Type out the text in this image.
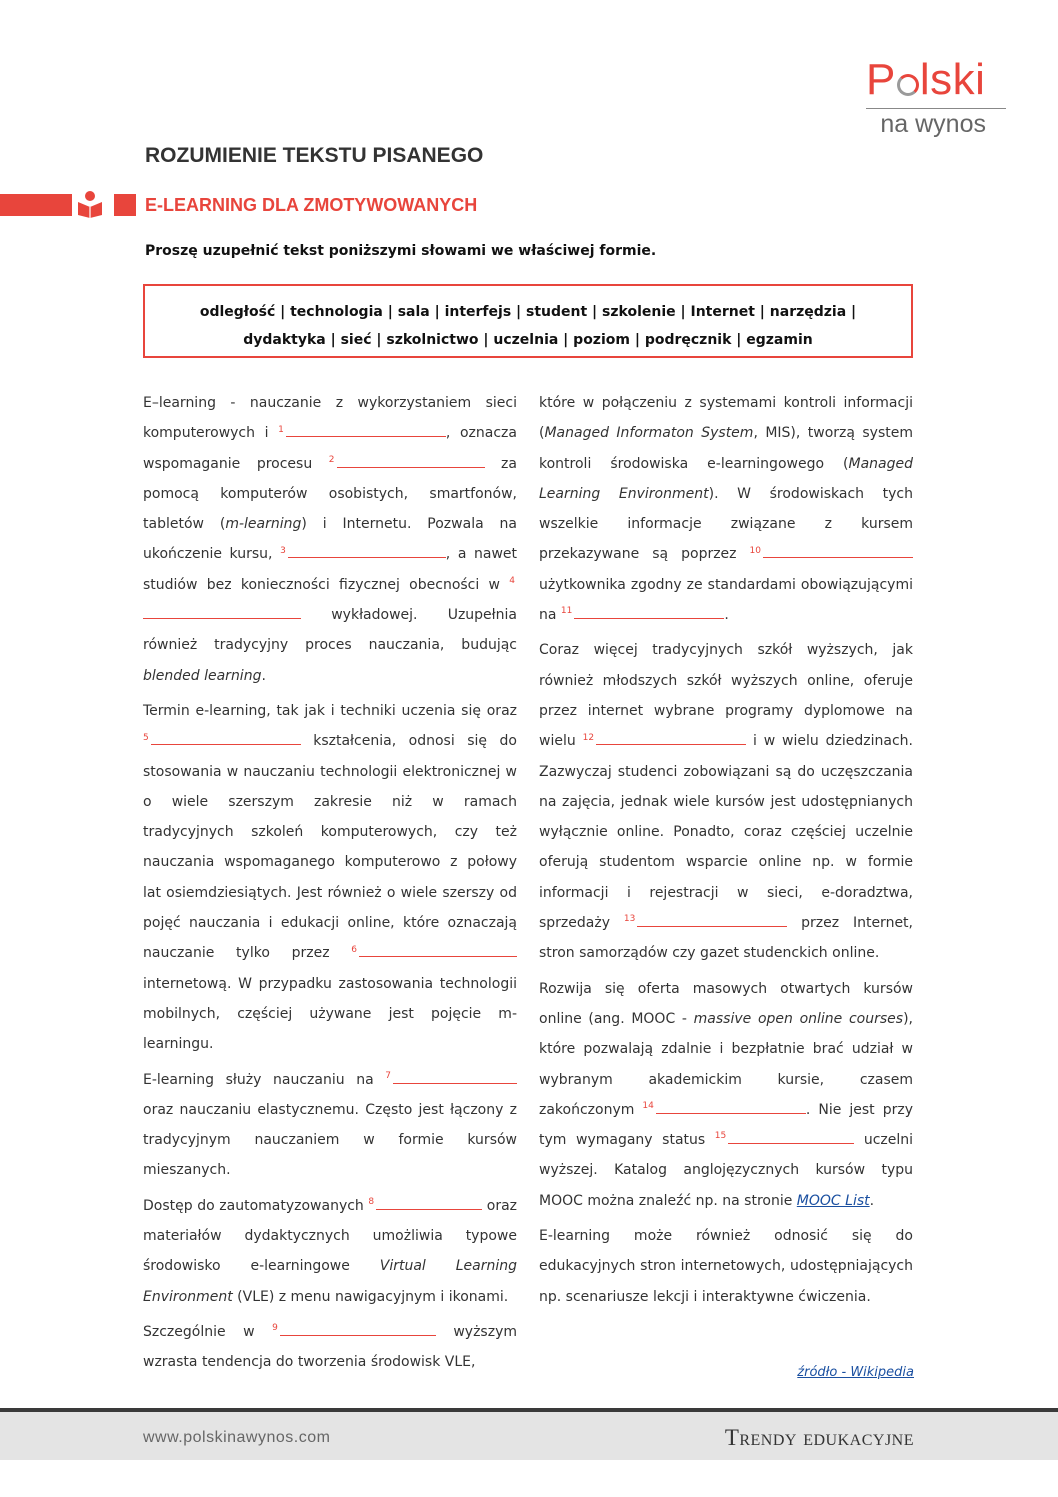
P lski
na wynos
ROZUMIENIE TEKSTU PISANEGO
E-LEARNING DLA ZMOTYWOWANYCH
Proszę uzupełnić tekst poniższymi słowami we właściwej formie.
odległość | technologia | sala | interfejs | student | szkolenie | Internet | narzędzia |
dydaktyka | sieć | szkolnictwo | uczelnia | poziom | podręcznik | egzamin

E–learning - nauczanie z wykorzystaniem sieci komputerowych i $^1$	, oznacza wspomaganie procesu $^2$	za pomocą komputerów osobistych, smartfonów, tabletów (m-learning) i Internetu. Pozwala na ukończenie kursu, $^3$	, a nawet studiów bez konieczności fizycznej obecności w $^4$ wykładowej. Uzupełnia również tradycyjny proces nauczania, budując blended learning.

Termin e-learning, tak jak i techniki uczenia się oraz $^5$	kształcenia, odnosi się do stosowania w nauczaniu technologii elektronicznej w o wiele szerszym zakresie niż w ramach tradycyjnych szkoleń komputerowych, czy też nauczania wspomaganego komputerowo z połowy lat osiemdziesiątych. Jest również o wiele szerszy od pojęć nauczania i edukacji online, które oznaczają nauczanie tylko przez $^6$ internetową. W przypadku zastosowania technologii mobilnych, częściej używane jest pojęcie m-learningu.

E-learning służy nauczaniu na $^7$ oraz nauczaniu elastycznemu. Często jest łączony z tradycyjnym nauczaniem w formie kursów mieszanych.

Dostęp do zautomatyzowanych $^8$	oraz materiałów dydaktycznych umożliwia typowe środowisko e-learningowe Virtual Learning Environment (VLE) z menu nawigacyjnym i ikonami.

Szczególnie w $^9$	wyższym wzrasta tendencja do tworzenia środowisk VLE,

które w połączeniu z systemami kontroli informacji (Managed Informaton System, MIS), tworzą system kontroli środowiska e-learningowego (Managed Learning Environment). W środowiskach tych wszelkie informacje związane z kursem przekazywane są poprzez $^{10}$ użytkownika zgodny ze standardami obowiązującymi na $^{11}$	.

Coraz więcej tradycyjnych szkół wyższych, jak również młodszych szkół wyższych online, oferuje przez internet wybrane programy dyplomowe na wielu $^{12}$	i w wielu dziedzinach. Zazwyczaj studenci zobowiązani są do uczęszczania na zajęcia, jednak wiele kursów jest udostępnianych wyłącznie online. Ponadto, coraz częściej uczelnie oferują studentom wsparcie online np. w formie informacji i rejestracji w sieci, e-doradztwa, sprzedaży $^{13}$	przez Internet, stron samorządów czy gazet studenckich online.

Rozwija się oferta masowych otwartych kursów online (ang. MOOC - massive open online courses), które pozwalają zdalnie i bezpłatnie brać udział w wybranym akademickim kursie, czasem zakończonym $^{14}$	. Nie jest przy tym wymagany status $^{15}$	uczelni wyższej. Katalog anglojęzycznych kursów typu MOOC można znaleźć np. na stronie MOOC List.

E-learning może również odnosić się do edukacyjnych stron internetowych, udostępniających np. scenariusze lekcji i interaktywne ćwiczenia.

źródło - Wikipedia
www.polskinawynos.com	Trendy edukacyjne
